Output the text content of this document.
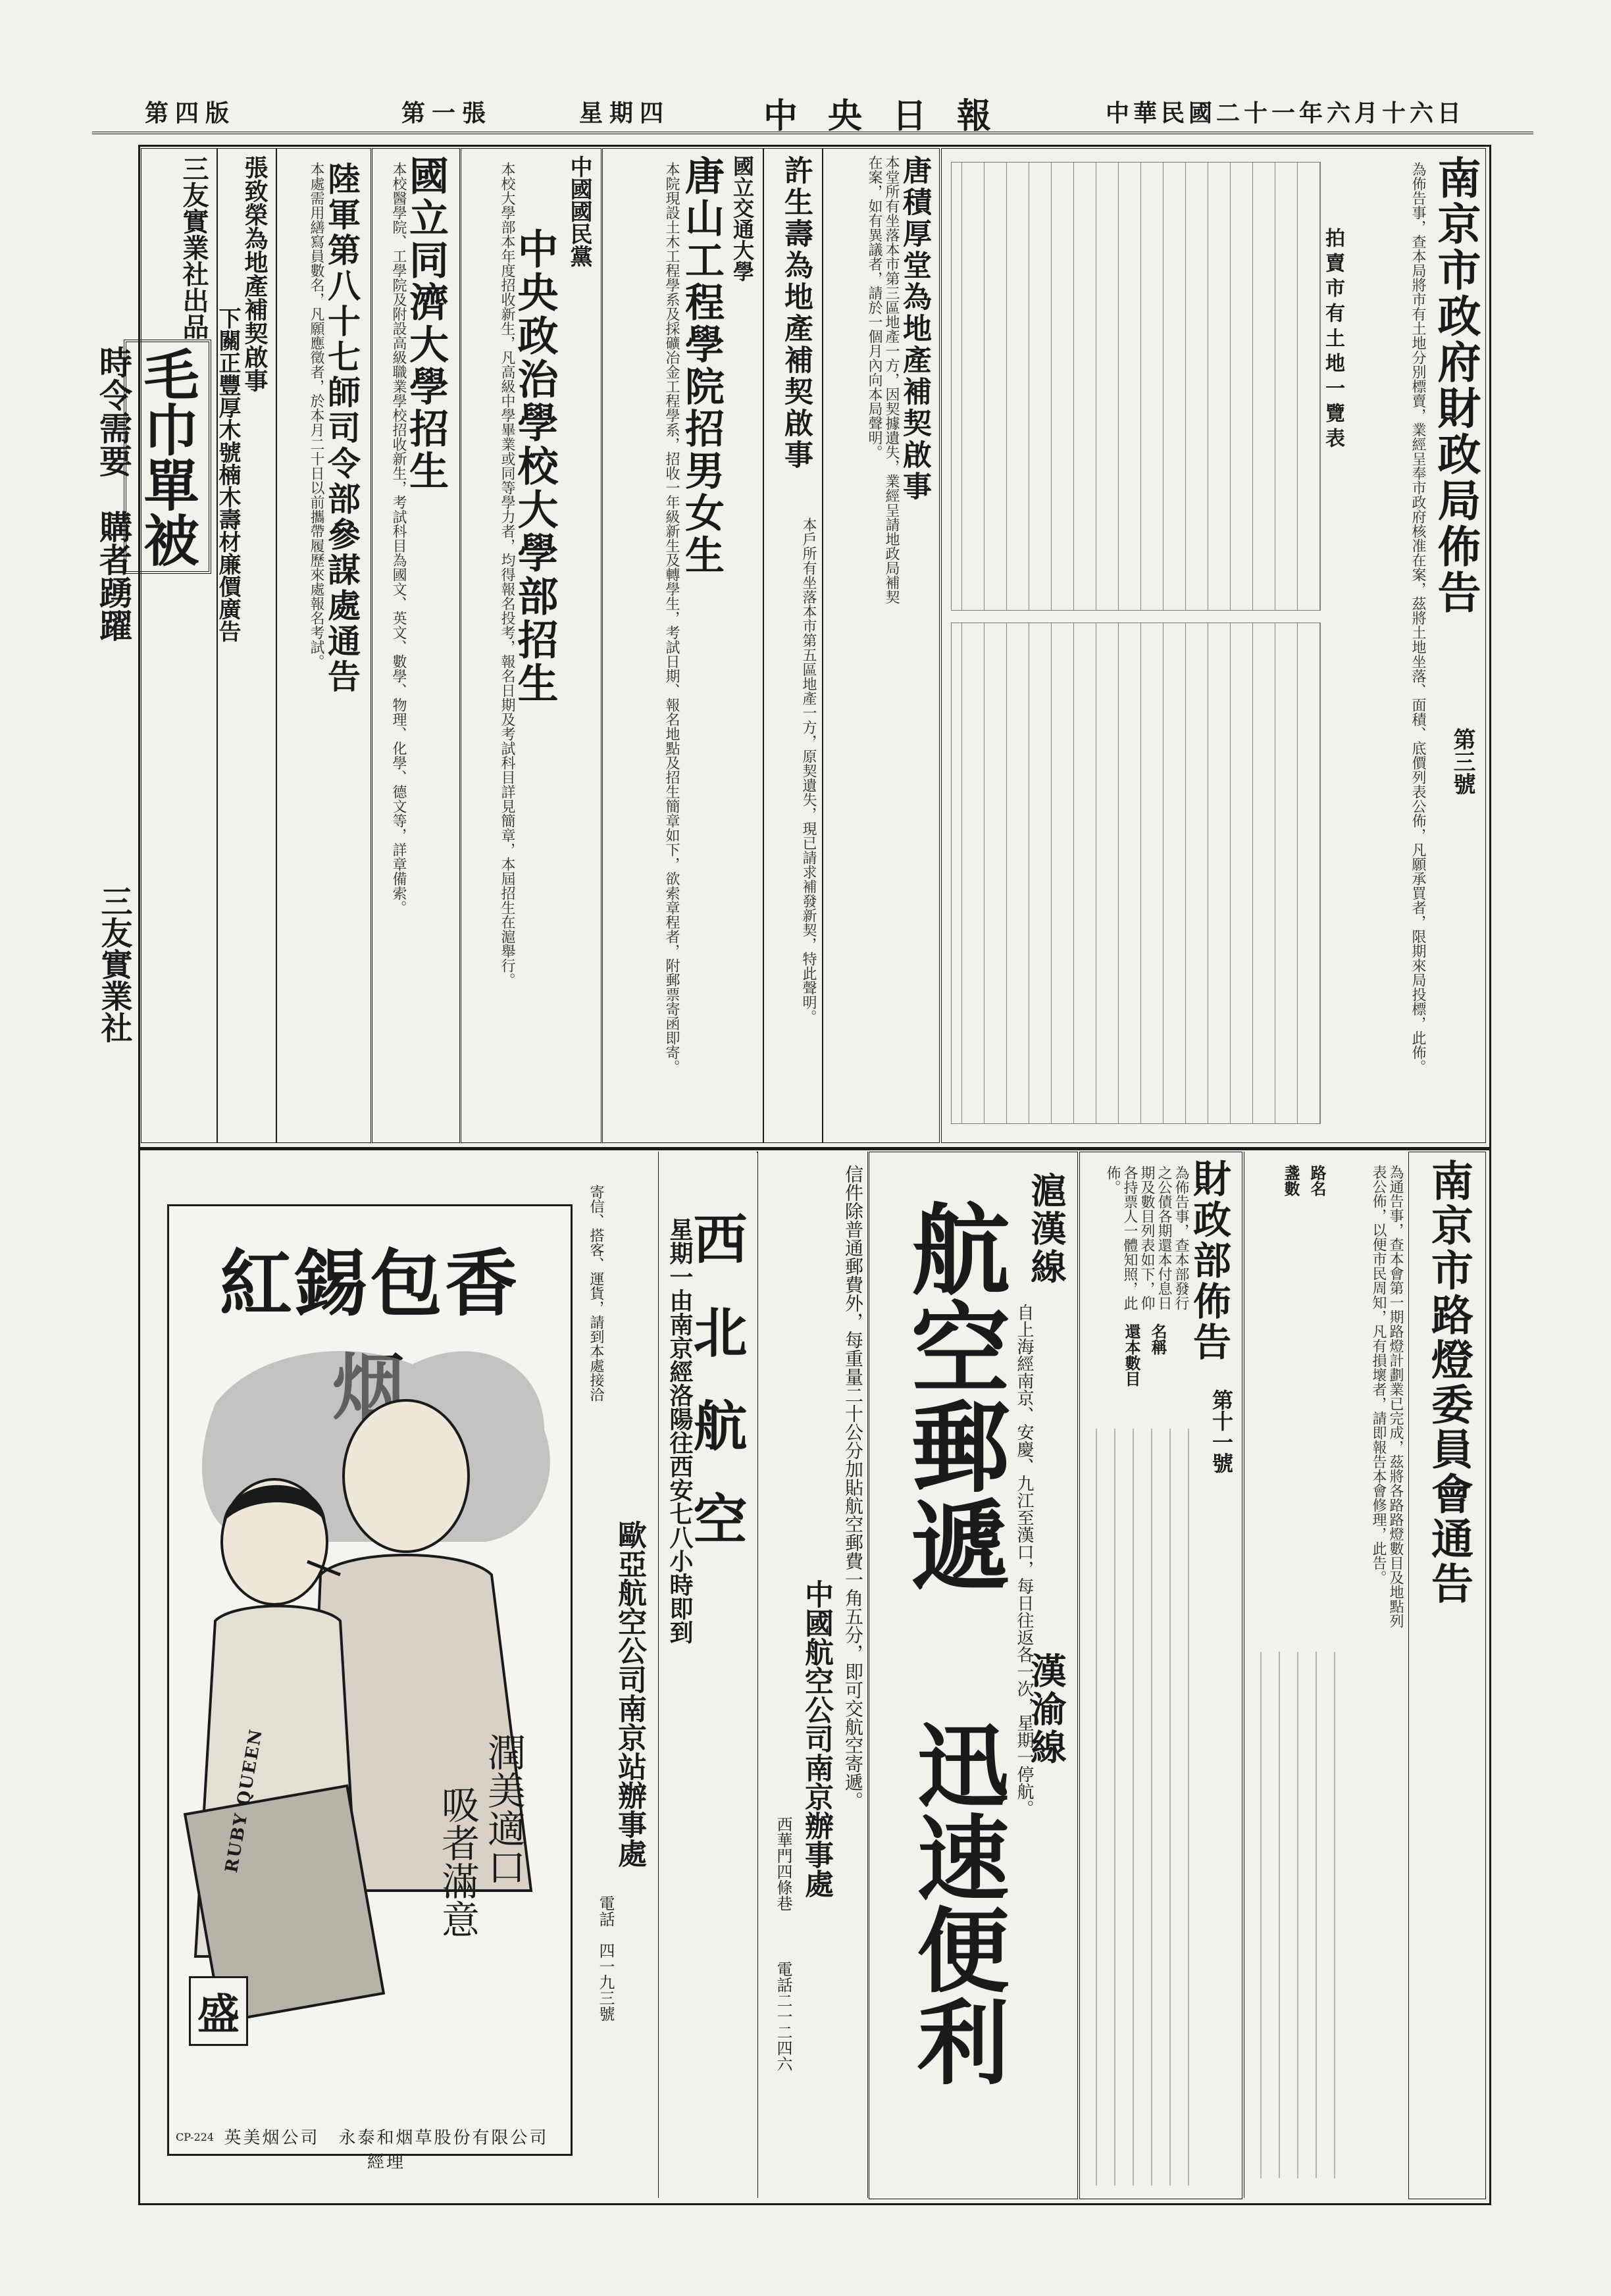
第四版	第一張	星期四	中央日報	中華民國二十一年六月十六日
南京市政府財政局佈告
第三號
為佈告事，查本局將市有土地分別標賣，業經呈奉市政府核准在案，茲將土地坐落、面積、底價列表公佈，凡願承買者，限期來局投標，此佈。
拍賣市有土地一覽表
唐積厚堂為地產補契啟事
本堂所有坐落本市第三區地產一方，因契據遺失，業經呈請地政局補契在案，如有異議者，請於一個月內向本局聲明。
許生壽為地產補契啟事
本戶所有坐落本市第五區地產一方，原契遺失，現已請求補發新契，特此聲明。
國立交通大學
唐山工程學院招男女生
本院現設土木工程學系及採礦冶金工程學系，招收一年級新生及轉學生，考試日期、報名地點及招生簡章如下，欲索章程者，附郵票寄函即寄。
中國國民黨
中央政治學校大學部招生
本校大學部本年度招收新生，凡高級中學畢業或同等學力者，均得報名投考，報名日期及考試科目詳見簡章，本屆招生在滬舉行。
國立同濟大學招生
本校醫學院、工學院及附設高級職業學校招收新生，考試科目為國文、英文、數學、物理、化學、德文等，詳章備索。
陸軍第八十七師司令部參謀處通告
本處需用繕寫員數名，凡願應徵者，於本月二十日以前攜帶履歷來處報名考試。
張致榮為地產補契啟事
下關正豐厚木號楠木壽材廉價廣告
三友實業社出品
毛巾單被
時令需要　購者踴躍
三友實業社
南京市路燈委員會通告
為通告事，查本會第一期路燈計劃業已完成，茲將各路路燈數目及地點列表公佈，以便市民周知，凡有損壞者，請即報告本會修理，此告。
路名
盞數
財政部佈告
第十一號
為佈告事，查本部發行之公債各期還本付息日期及數目列表如下，仰各持票人一體知照，此佈。
名稱
還本數目
滬漢線
自上海經南京、安慶、九江至漢口，每日往返各一次，星期一停航。
漢渝線
航空郵遞
迅速便利
信件除普通郵費外，每重量二十公分加貼航空郵費一角五分，即可交航空寄遞。
中國航空公司南京辦事處
電話二一二四六
西華門四條巷
西北航空
星期一由南京經洛陽往西安七八小時即到
寄信、搭客、運貨，請到本處接洽
歐亞航空公司南京站辦事處
電話　四一九三號
紅錫包香
RUBY QUEEN
盛
潤美適口
吸者滿意
英美烟公司　永泰和烟草股份有限公司經理
CP-224
